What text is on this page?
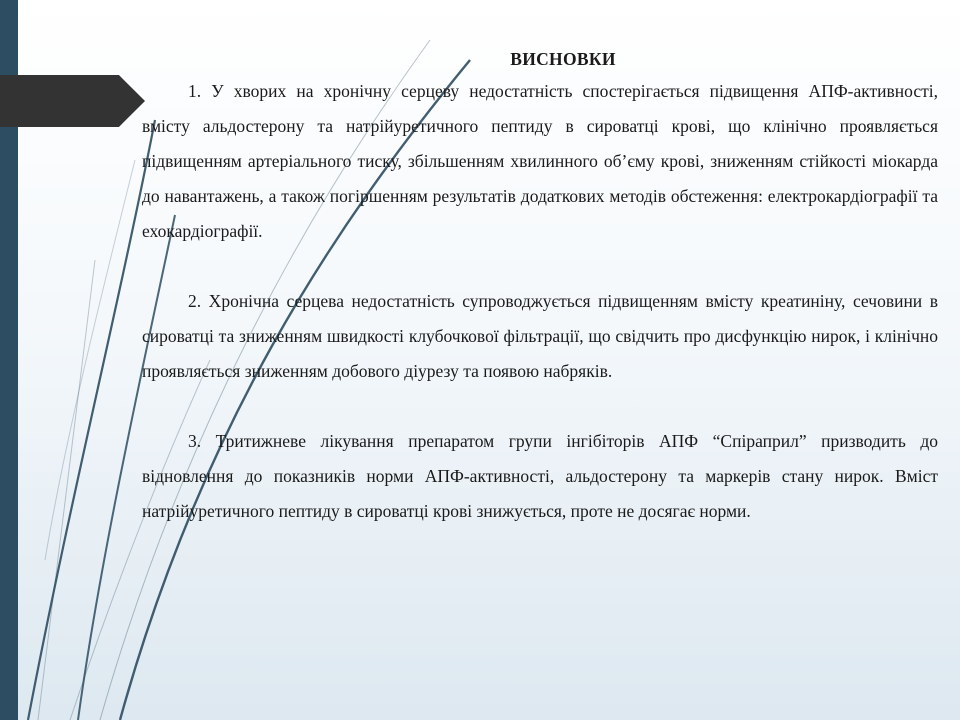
ВИСНОВКИ

1. У хворих на хронічну серцеву недостатність спостерігається підвищення АПФ-активності, вмісту альдостерону та натрійуретичного пептиду в сироватці крові, що клінічно проявляється підвищенням артеріального тиску, збільшенням хвилинного об’єму крові, зниженням стійкості міокарда до навантажень, а також погіршенням результатів додаткових методів обстеження: електрокардіографії та ехокардіографії.

2. Хронічна серцева недостатність супроводжується підвищенням вмісту креатиніну, сечовини в сироватці та зниженням швидкості клубочкової фільтрації, що свідчить про дисфункцію нирок, і клінічно проявляється зниженням добового діурезу та появою набряків.

3. Тритижневе лікування препаратом групи інгібіторів АПФ “Спіраприл” призводить до відновлення до показників норми АПФ-активності, альдостерону та маркерів стану нирок. Вміст натрійуретичного пептиду в сироватці крові знижується, проте не досягає норми.
